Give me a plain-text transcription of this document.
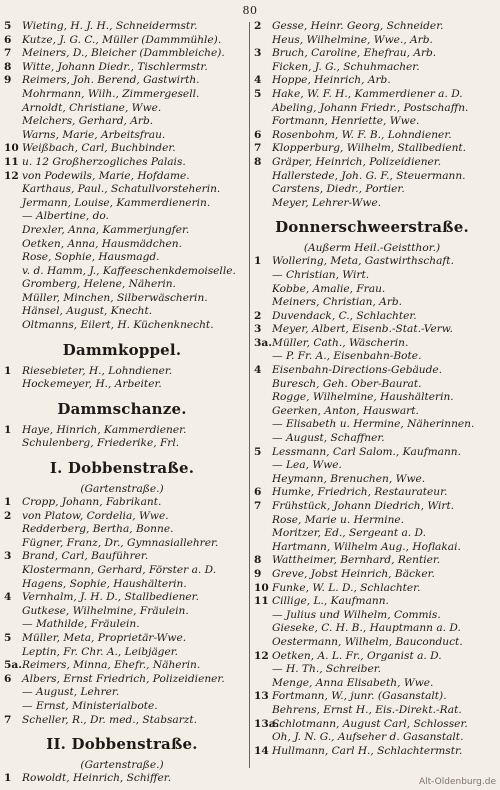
80
5 Wieting, H. J. H., Schneidermstr.
6 Kutze, J. G. C., Müller (Dammmühle).
7 Meiners, D., Bleicher (Dammbleiche).
8 Witte, Johann Diedr., Tischlermstr.
9 Reimers, Joh. Berend, Gastwirth.
Mohrmann, Wilh., Zimmergesell.
Arnoldt, Christiane, Wwe.
Melchers, Gerhard, Arb.
Warns, Marie, Arbeitsfrau.
10 Weißbach, Carl, Buchbinder.
11 u. 12 Großherzogliches Palais.
12 von Podewils, Marie, Hofdame.
Karthaus, Paul., Schatullvorsteherin.
Jermann, Louise, Kammerdienerin.
— Albertine, do.
Drexler, Anna, Kammerjungfer.
Oetken, Anna, Hausmädchen.
Rose, Sophie, Hausmagd.
v. d. Hamm, J., Kaffeeschenkdemoiselle.
Gromberg, Helene, Näherin.
Müller, Minchen, Silberwäscherin.
Hänsel, August, Knecht.
Oltmanns, Eilert, H. Küchenknecht.
Dammkoppel.
1 Riesebieter, H., Lohndiener.
Hockemeyer, H., Arbeiter.
Dammschanze.
1 Haye, Hinrich, Kammerdiener.
Schulenberg, Friederike, Frl.
I. Dobbenstraße.
(Gartenstraße.)
1 Cropp, Johann, Fabrikant.
2 von Platow, Cordelia, Wwe.
Redderberg, Bertha, Bonne.
Fügner, Franz, Dr., Gymnasiallehrer.
3 Brand, Carl, Bauführer.
Klostermann, Gerhard, Förster a. D.
Hagens, Sophie, Haushälterin.
4 Vernhalm, J. H. D., Stallbediener.
Gutkese, Wilhelmine, Fräulein.
— Mathilde, Fräulein.
5 Müller, Meta, Proprietär-Wwe.
Leptin, Fr. Chr. A., Leibjäger.
5a.Reimers, Minna, Ehefr., Näherin.
6 Albers, Ernst Friedrich, Polizeidiener.
— August, Lehrer.
— Ernst, Ministerialbote.
7 Scheller, R., Dr. med., Stabsarzt.
II. Dobbenstraße.
(Gartenstraße.)
1 Rowoldt, Heinrich, Schiffer.
2 Gesse, Heinr. Georg, Schneider.
Heus, Wilhelmine, Wwe., Arb.
3 Bruch, Caroline, Ehefrau, Arb.
Ficken, J. G., Schuhmacher.
4 Hoppe, Heinrich, Arb.
5 Hake, W. F. H., Kammerdiener a. D.
Abeling, Johann Friedr., Postschaffn.
Fortmann, Henriette, Wwe.
6 Rosenbohm, W. F. B., Lohndiener.
7 Klopperburg, Wilhelm, Stallbedient.
8 Gräper, Heinrich, Polizeidiener.
Hallerstede, Joh. G. F., Steuermann.
Carstens, Diedr., Portier.
Meyer, Lehrer-Wwe.
Donnerschweerstraße.
(Außerm Heil.-Geistthor.)
1 Wollering, Meta, Gastwirthschaft.
— Christian, Wirt.
Kobbe, Amalie, Frau.
Meiners, Christian, Arb.
2 Duvendack, C., Schlachter.
3 Meyer, Albert, Eisenb.-Stat.-Verw.
3a.Müller, Cath., Wäscherin.
— P. Fr. A., Eisenbahn-Bote.
4 Eisenbahn-Directions-Gebäude.
Buresch, Geh. Ober-Baurat.
Rogge, Wilhelmine, Haushälterin.
Geerken, Anton, Hauswart.
— Elisabeth u. Hermine, Näherinnen.
— August, Schaffner.
5 Lessmann, Carl Salom., Kaufmann.
— Lea, Wwe.
Heymann, Brenuchen, Wwe.
6 Humke, Friedrich, Restaurateur.
7 Frühstück, Johann Diedrich, Wirt.
Rose, Marie u. Hermine.
Moritzer, Ed., Sergeant a. D.
Hartmann, Wilhelm Aug., Hoflakai.
8 Wattheimer, Bernhard, Rentier.
9 Greve, Jobst Heinrich, Bäcker.
10 Funke, W. L. D., Schlachter.
11 Cillige, L., Kaufmann.
— Julius und Wilhelm, Commis.
Gieseke, C. H. B., Hauptmann a. D.
Oestermann, Wilhelm, Bauconduct.
12 Oetken, A. L. Fr., Organist a. D.
— H. Th., Schreiber.
Menge, Anna Elisabeth, Wwe.
13 Fortmann, W., junr. (Gasanstalt).
Behrens, Ernst H., Eis.-Direkt.-Rat.
13a.Schlotmann, August Carl, Schlosser.
Oh, J. N. G., Aufseher d. Gasanstalt.
14 Hullmann, Carl H., Schlachtermstr.
Alt-Oldenburg.de
